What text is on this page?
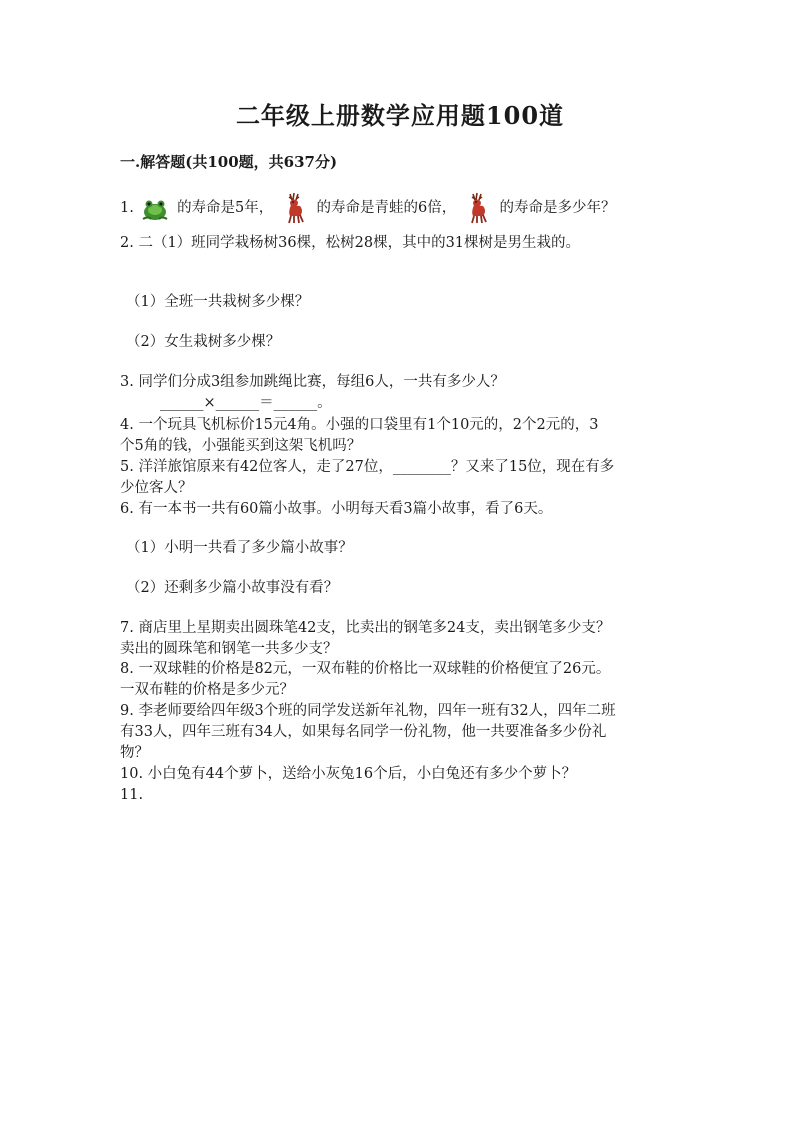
二年级上册数学应用题100道
一.解答题(共100题，共637分)
1.	的寿命是5年，	的寿命是青蛙的6倍，	的寿命是多少年？
2. 二（1）班同学栽杨树36棵，松树28棵，其中的31棵树是男生栽的。
（1）全班一共栽树多少棵？
（2）女生栽树多少棵？
3. 同学们分成3组参加跳绳比赛，每组6人，一共有多少人？
______×______＝______。
4. 一个玩具飞机标价15元4角。小强的口袋里有1个10元的，2个2元的，3
个5角的钱，小强能买到这架飞机吗？
5. 洋洋旅馆原来有42位客人，走了27位，________？又来了15位，现在有多
少位客人？
6. 有一本书一共有60篇小故事。小明每天看3篇小故事，看了6天。
（1）小明一共看了多少篇小故事？
（2）还剩多少篇小故事没有看？
7. 商店里上星期卖出圆珠笔42支，比卖出的钢笔多24支，卖出钢笔多少支？
卖出的圆珠笔和钢笔一共多少支？
8. 一双球鞋的价格是82元，一双布鞋的价格比一双球鞋的价格便宜了26元。
一双布鞋的价格是多少元？
9. 李老师要给四年级3个班的同学发送新年礼物，四年一班有32人，四年二班
有33人，四年三班有34人，如果每名同学一份礼物，他一共要准备多少份礼
物？
10. 小白兔有44个萝卜，送给小灰兔16个后，小白兔还有多少个萝卜？
11.
